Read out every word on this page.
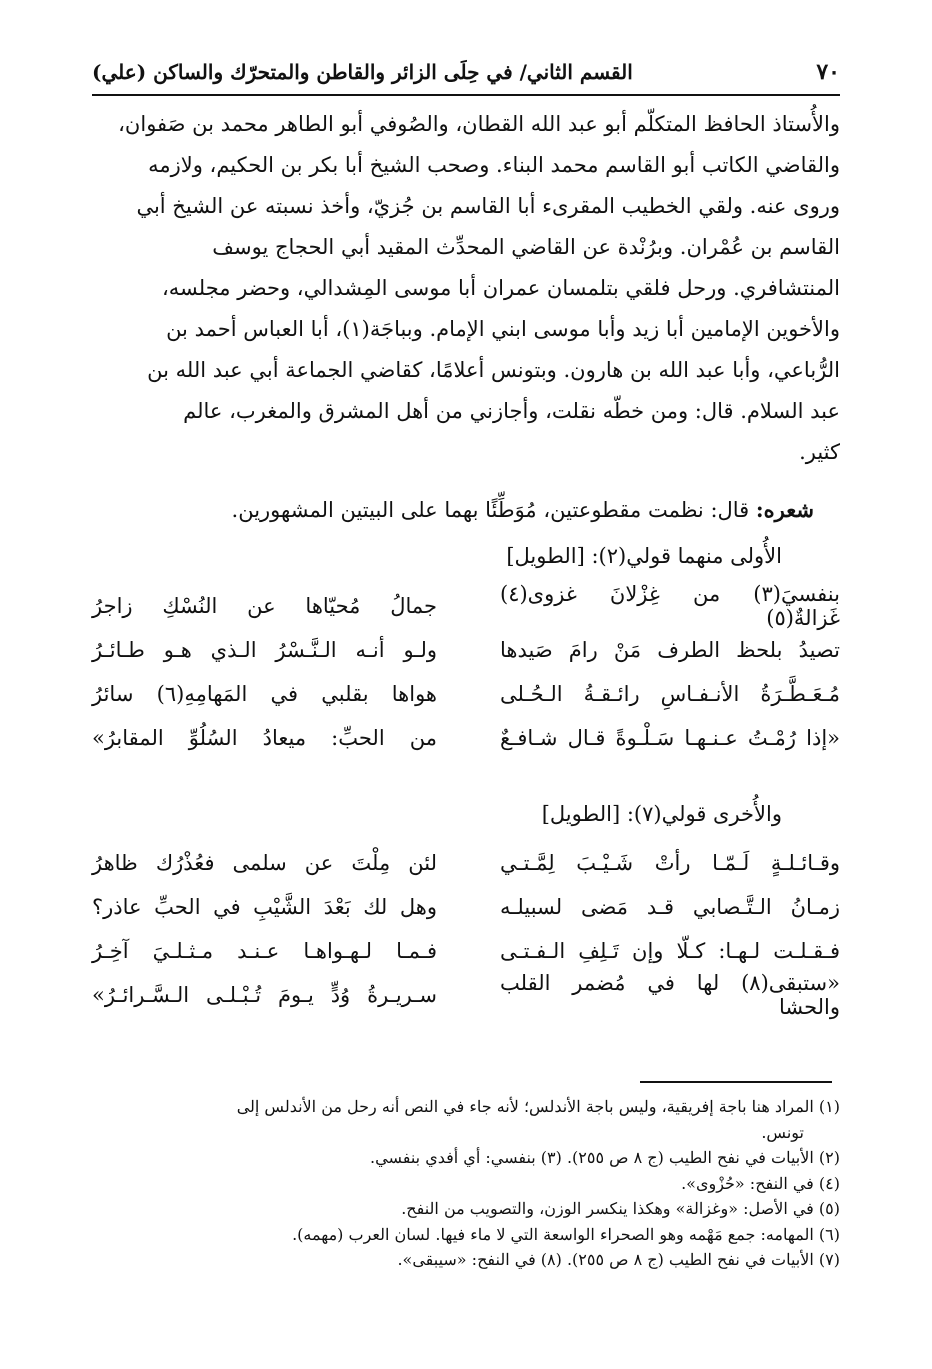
٧٠
القسم الثاني/ في حِلَى الزائر والقاطن والمتحرّك والساكن (علي)

والأُستاذ الحافظ المتكلّم أبو عبد الله القطان، والصُوفي أبو الطاهر محمد بن صَفوان،

والقاضي الكاتب أبو القاسم محمد البناء. وصحب الشيخ أبا بكر بن الحكيم، ولازمه

وروى عنه. ولقي الخطيب المقرىء أبا القاسم بن جُزيّ، وأخذ نسبته عن الشيخ أبي

القاسم بن عُمْران. وبرُنْدة عن القاضي المحدِّث المقيد أبي الحجاج يوسف

المنتشافري. ورحل فلقي بتلمسان عمران أبا موسى المِشدالي، وحضر مجلسه،

والأخوين الإمامين أبا زيد وأبا موسى ابني الإمام. وبباجَة(١)، أبا العباس أحمد بن

الرُّباعي، وأبا عبد الله بن هارون. وبتونس أعلامًا، كقاضي الجماعة أبي عبد الله بن

عبد السلام. قال: ومن خطّه نقلت، وأجازني من أهل المشرق والمغرب، عالم

كثير.

شعره: قال: نظمت مقطوعتين، مُوَطِّئًا بهما على البيتين المشهورين.
الأُولى منهما قولي(٢): [الطويل]
بنفسيَ(٣) من غِزْلانَ غزوى(٤) غَزالةٌ(٥)
جمالُ مُحيّاها عن النُسْكِ زاجرُ
تصيدُ بلحظ الطرف مَنْ رامَ صَيدها
ولـو أنـه الـنَّـسْرُ الـذي هـو طـائـرُ
مُـعَـطَّـرَةُ الأنـفـاسِ رائـقـةُ الـحُـلى
هواها بقلبي في المَهامِهِ(٦) سائرُ
«إذا رُمْـتُ عـنـهـا سَـلْـوةً قـال شـافـعٌ
من الحبِّ: ميعادُ السُلُوِّ المقابرُ»
والأُخرى قولي(٧): [الطويل]
وقـائـلـةٍ لَـمّـا رأتْ شَـيْـبَ لِمَّـتـي
لئن مِلْتَ عن سلمى فعُذْرُك ظاهرُ
زمـانُ الـتَّـصابي قـد مَضى لسبيلـه
وهل لك بَعْدَ الشَّيْبِ في الحبِّ عاذر؟
فـقـلـت لـهـا: كـلّا وإن تَـلِفِ الـفـتـى
فـمـا لـهـواهـا عـنـد مـثـلـيَ آخِـرُ
«ستبقى(٨) لها في مُضمر القلب والحشا
سـريـرةُ وُدٍّ يـومَ تُـبْـلـى الـسَّـرائـرُ»

(١) المراد هنا باجة إفريقية، وليس باجة الأندلس؛ لأنه جاء في النص أنه رحل من الأندلس إلى

تونس.

(٢) الأبيات في نفح الطيب (ج ٨ ص ٢٥٥). (٣) بنفسي: أي أفدي بنفسي.

(٤) في النفح: «حُزْوى».

(٥) في الأصل: «وغزالة» وهكذا ينكسر الوزن، والتصويب من النفح.

(٦) المهامه: جمع مَهْمه وهو الصحراء الواسعة التي لا ماء فيها. لسان العرب (مهمه).

(٧) الأبيات في نفح الطيب (ج ٨ ص ٢٥٥). (٨) في النفح: «سيبقى».
